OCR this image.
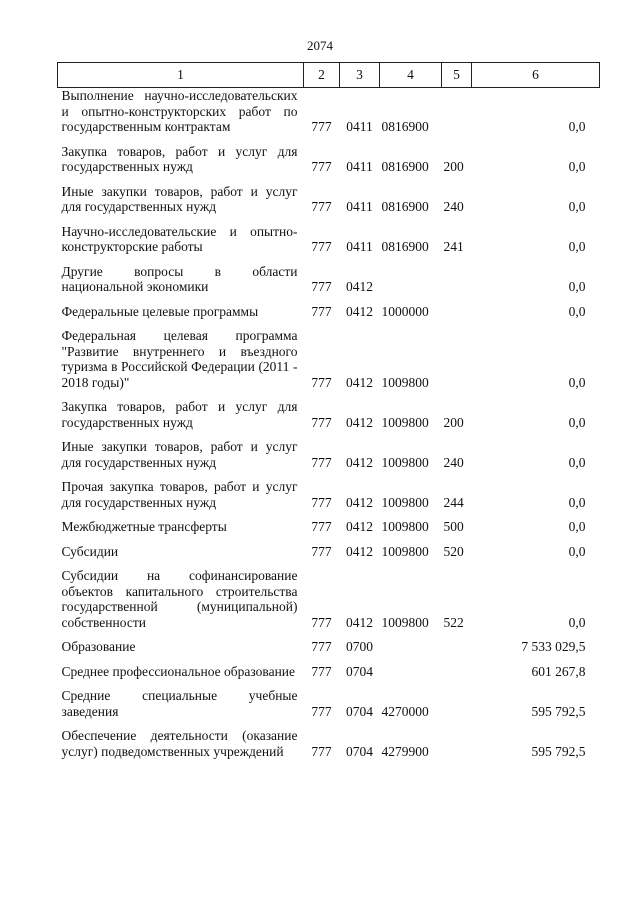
2074
1	2	3	4	5	6
Выполнение научно-исследовательских и опытно-конструкторских работ по государственным контрактам	777	0411	0816900		0,0
Закупка товаров, работ и услуг для государственных нужд	777	0411	0816900	200	0,0
Иные закупки товаров, работ и услуг для государственных нужд	777	0411	0816900	240	0,0
Научно-исследовательские и опытно-конструкторские работы	777	0411	0816900	241	0,0
Другие вопросы в области национальной экономики	777	0412			0,0
Федеральные целевые программы	777	0412	1000000		0,0
Федеральная целевая программа "Развитие внутреннего и въездного туризма в Российской Федерации (2011 - 2018 годы)"	777	0412	1009800		0,0
Закупка товаров, работ и услуг для государственных нужд	777	0412	1009800	200	0,0
Иные закупки товаров, работ и услуг для государственных нужд	777	0412	1009800	240	0,0
Прочая закупка товаров, работ и услуг для государственных нужд	777	0412	1009800	244	0,0
Межбюджетные трансферты	777	0412	1009800	500	0,0
Субсидии	777	0412	1009800	520	0,0
Субсидии на софинансирование объектов капитального строительства государственной (муниципальной) собственности	777	0412	1009800	522	0,0
Образование	777	0700			7 533 029,5
Среднее профессиональное образование	777	0704			601 267,8
Средние специальные учебные заведения	777	0704	4270000		595 792,5
Обеспечение деятельности (оказание услуг) подведомственных учреждений	777	0704	4279900		595 792,5
